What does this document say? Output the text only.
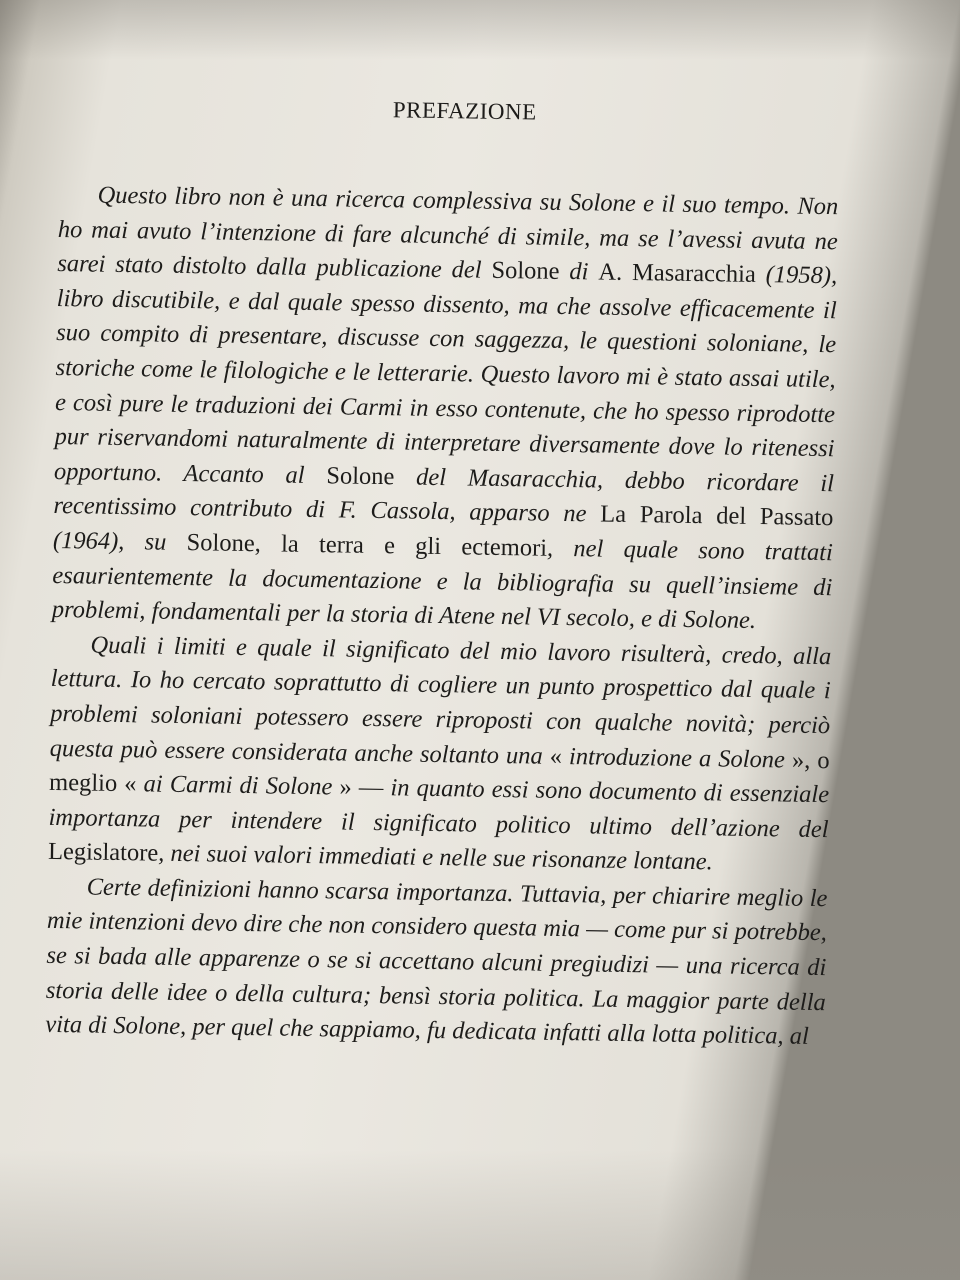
PREFAZIONE

Questo libro non è una ricerca complessiva su Solone e il suo tempo. Non ho mai avuto l’intenzione di fare alcunché di simile, ma se l’avessi avuta ne sarei stato distolto dalla publicazione del Solone di A. Masaracchia (1958), libro discutibile, e dal quale spesso dissento, ma che assolve efficacemente il suo compito di presentare, discusse con saggezza, le questioni soloniane, le storiche come le filologiche e le letterarie. Questo lavoro mi è stato assai utile, e così pure le traduzioni dei Carmi in esso contenute, che ho spesso riprodotte pur riservandomi naturalmente di interpretare diversamente dove lo ritenessi opportuno. Accanto al Solone del Masaracchia, debbo ricordare il recentissimo contributo di F. Cassola, apparso ne La Parola del Passato (1964), su Solone, la terra e gli ectemori, nel quale sono trattati esaurientemente la documentazione e la bibliografia su quell’insieme di problemi, fondamentali per la storia di Atene nel VI secolo, e di Solone.

Quali i limiti e quale il significato del mio lavoro risulterà, credo, alla lettura. Io ho cercato soprattutto di cogliere un punto prospettico dal quale i problemi soloniani potessero essere riproposti con qualche novità; perciò questa può essere considerata anche soltanto una « introduzione a Solone », o meglio « ai Carmi di Solone » — in quanto essi sono documento di essenziale importanza per intendere il significato politico ultimo dell’azione del Legislatore, nei suoi valori immediati e nelle sue risonanze lontane.

Certe definizioni hanno scarsa importanza. Tuttavia, per chiarire meglio le mie intenzioni devo dire che non considero questa mia — come pur si potrebbe, se si bada alle apparenze o se si accettano alcuni pregiudizi — una ricerca di storia delle idee o della cultura; bensì storia politica. La maggior parte della vita di Solone, per quel che sappiamo, fu dedicata infatti alla lotta politica, al
